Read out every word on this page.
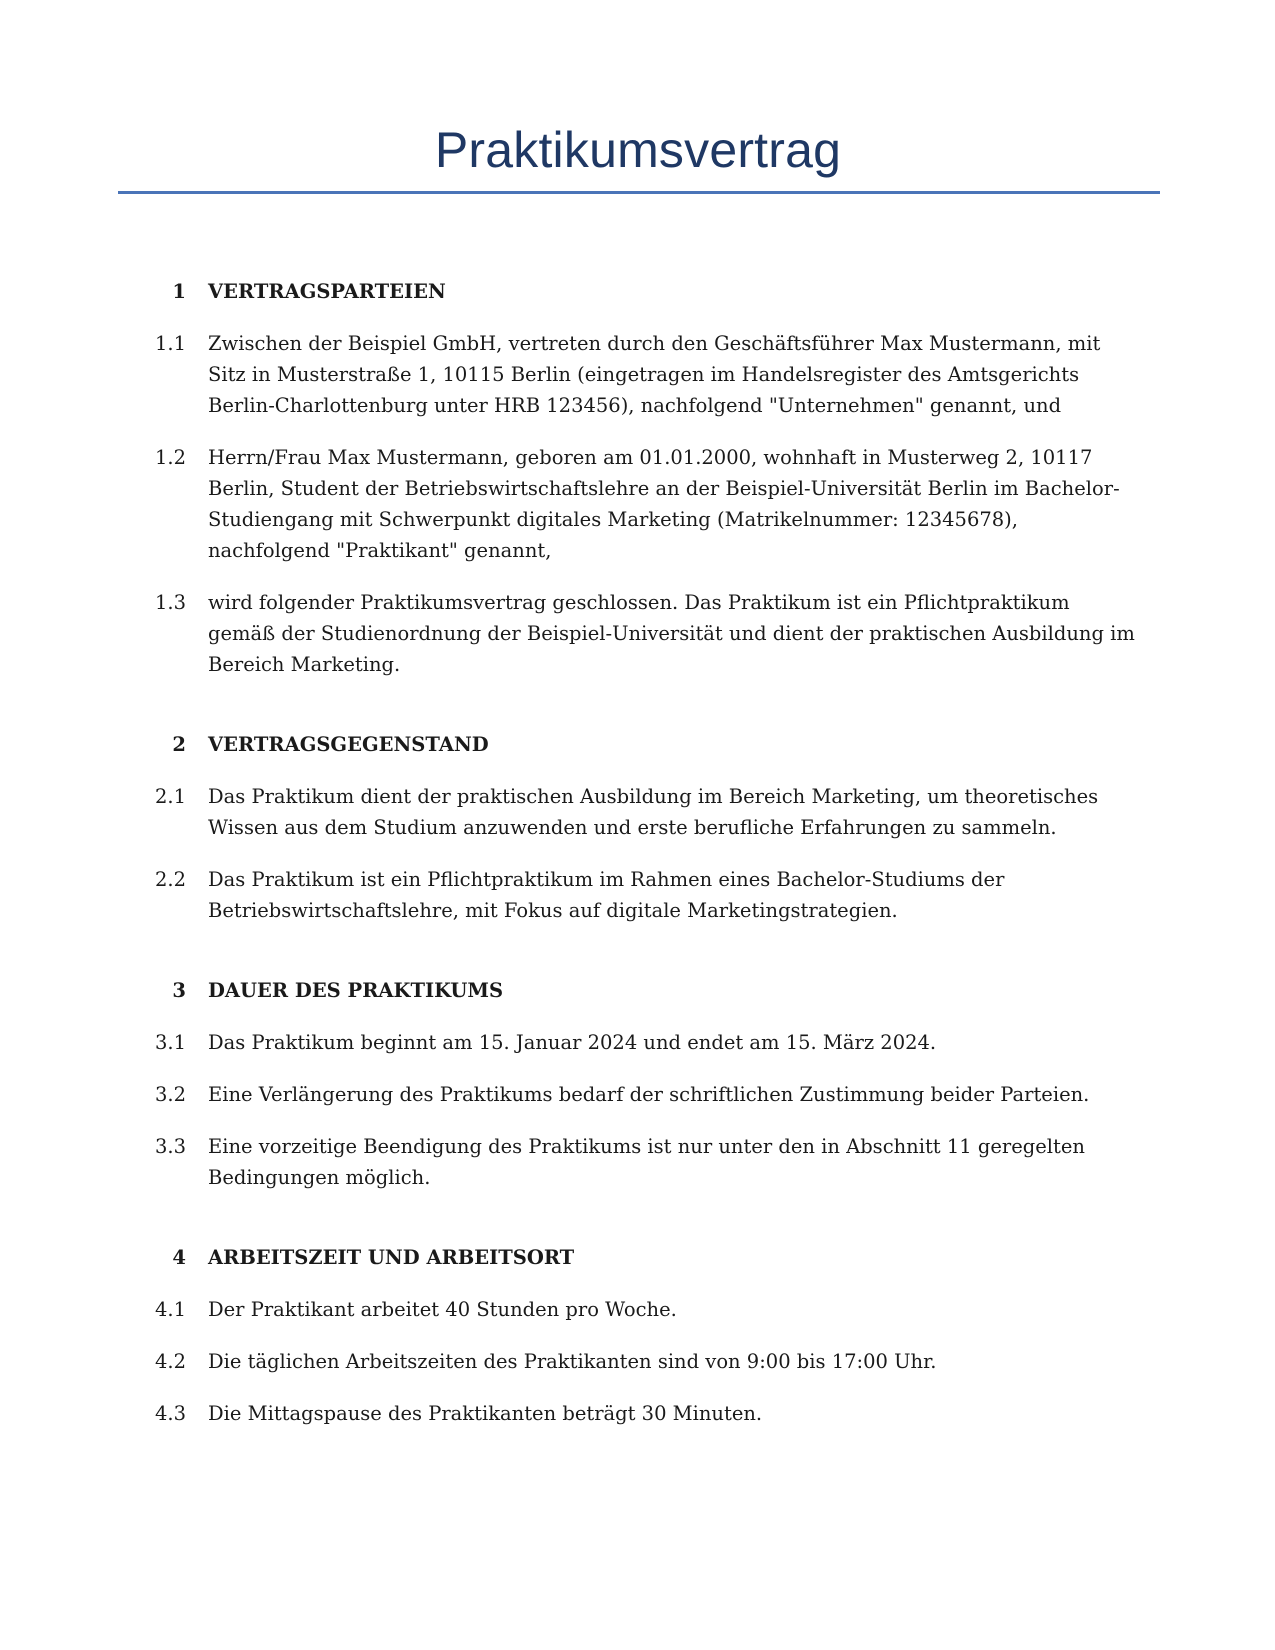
Praktikumsvertrag
1 VERTRAGSPARTEIEN
1.1 Zwischen der Beispiel GmbH, vertreten durch den Geschäftsführer Max Mustermann, mit Sitz in Musterstraße 1, 10115 Berlin (eingetragen im Handelsregister des Amtsgerichts Berlin-Charlottenburg unter HRB 123456), nachfolgend "Unternehmen" genannt, und
1.2 Herrn/Frau Max Mustermann, geboren am 01.01.2000, wohnhaft in Musterweg 2, 10117 Berlin, Student der Betriebswirtschaftslehre an der Beispiel-Universität Berlin im Bachelor-Studiengang mit Schwerpunkt digitales Marketing (Matrikelnummer: 12345678), nachfolgend "Praktikant" genannt,
1.3 wird folgender Praktikumsvertrag geschlossen. Das Praktikum ist ein Pflichtpraktikum gemäß der Studienordnung der Beispiel-Universität und dient der praktischen Ausbildung im Bereich Marketing.
2 VERTRAGSGEGENSTAND
2.1 Das Praktikum dient der praktischen Ausbildung im Bereich Marketing, um theoretisches Wissen aus dem Studium anzuwenden und erste berufliche Erfahrungen zu sammeln.
2.2 Das Praktikum ist ein Pflichtpraktikum im Rahmen eines Bachelor-Studiums der Betriebswirtschaftslehre, mit Fokus auf digitale Marketingstrategien.
3 DAUER DES PRAKTIKUMS
3.1 Das Praktikum beginnt am 15. Januar 2024 und endet am 15. März 2024.
3.2 Eine Verlängerung des Praktikums bedarf der schriftlichen Zustimmung beider Parteien.
3.3 Eine vorzeitige Beendigung des Praktikums ist nur unter den in Abschnitt 11 geregelten Bedingungen möglich.
4 ARBEITSZEIT UND ARBEITSORT
4.1 Der Praktikant arbeitet 40 Stunden pro Woche.
4.2 Die täglichen Arbeitszeiten des Praktikanten sind von 9:00 bis 17:00 Uhr.
4.3 Die Mittagspause des Praktikanten beträgt 30 Minuten.
